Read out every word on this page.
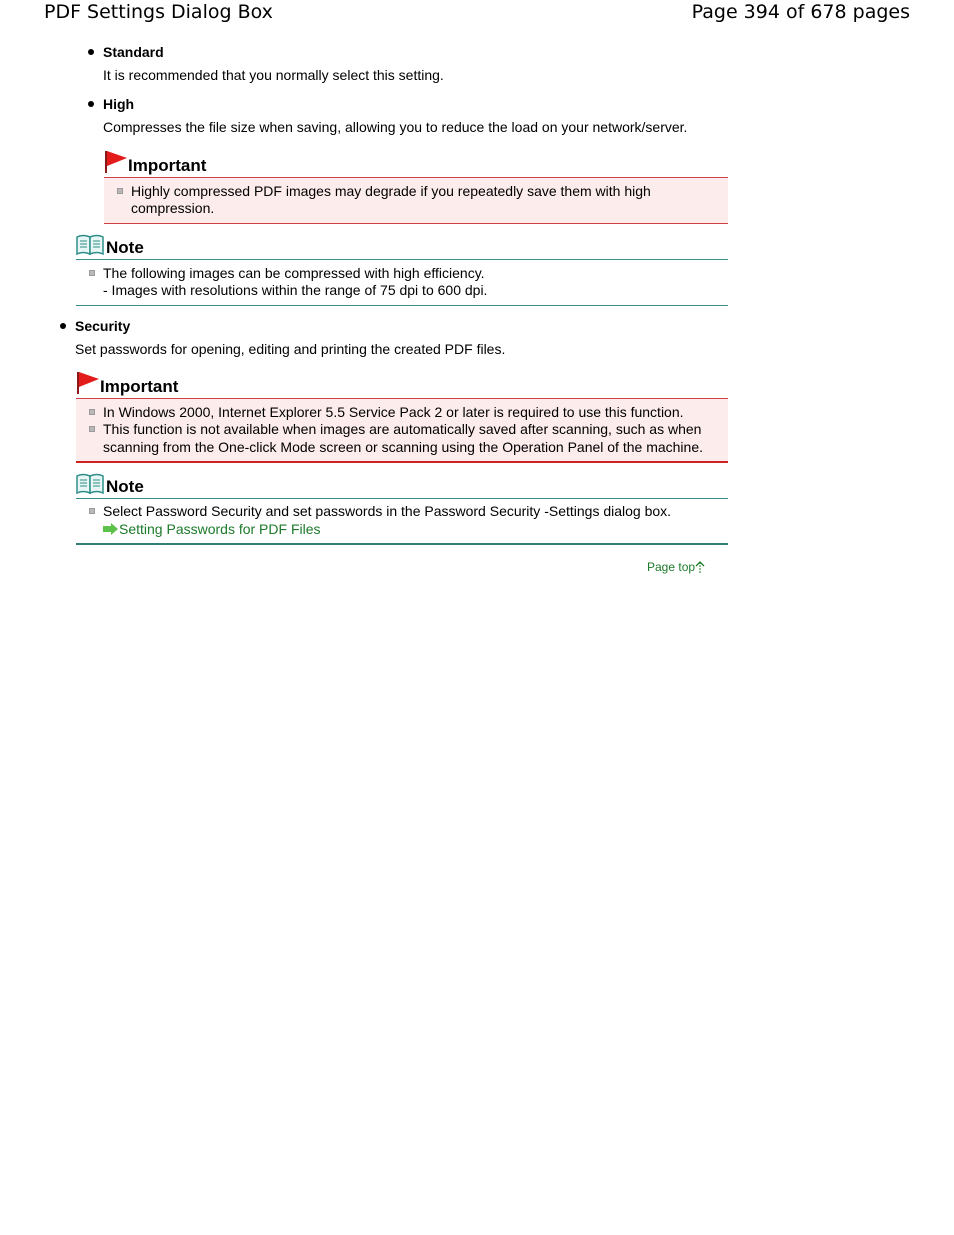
PDF Settings Dialog Box	Page 394 of 678 pages
Standard
It is recommended that you normally select this setting.
High
Compresses the file size when saving, allowing you to reduce the load on your network/server.
Important
Highly compressed PDF images may degrade if you repeatedly save them with high
compression.
Note
The following images can be compressed with high efficiency.
- Images with resolutions within the range of 75 dpi to 600 dpi.
Security
Set passwords for opening, editing and printing the created PDF files.
Important
In Windows 2000, Internet Explorer 5.5 Service Pack 2 or later is required to use this function.
This function is not available when images are automatically saved after scanning, such as when
scanning from the One-click Mode screen or scanning using the Operation Panel of the machine.
Note
Select Password Security and set passwords in the Password Security -Settings dialog box.
Setting Passwords for PDF Files
Page top
